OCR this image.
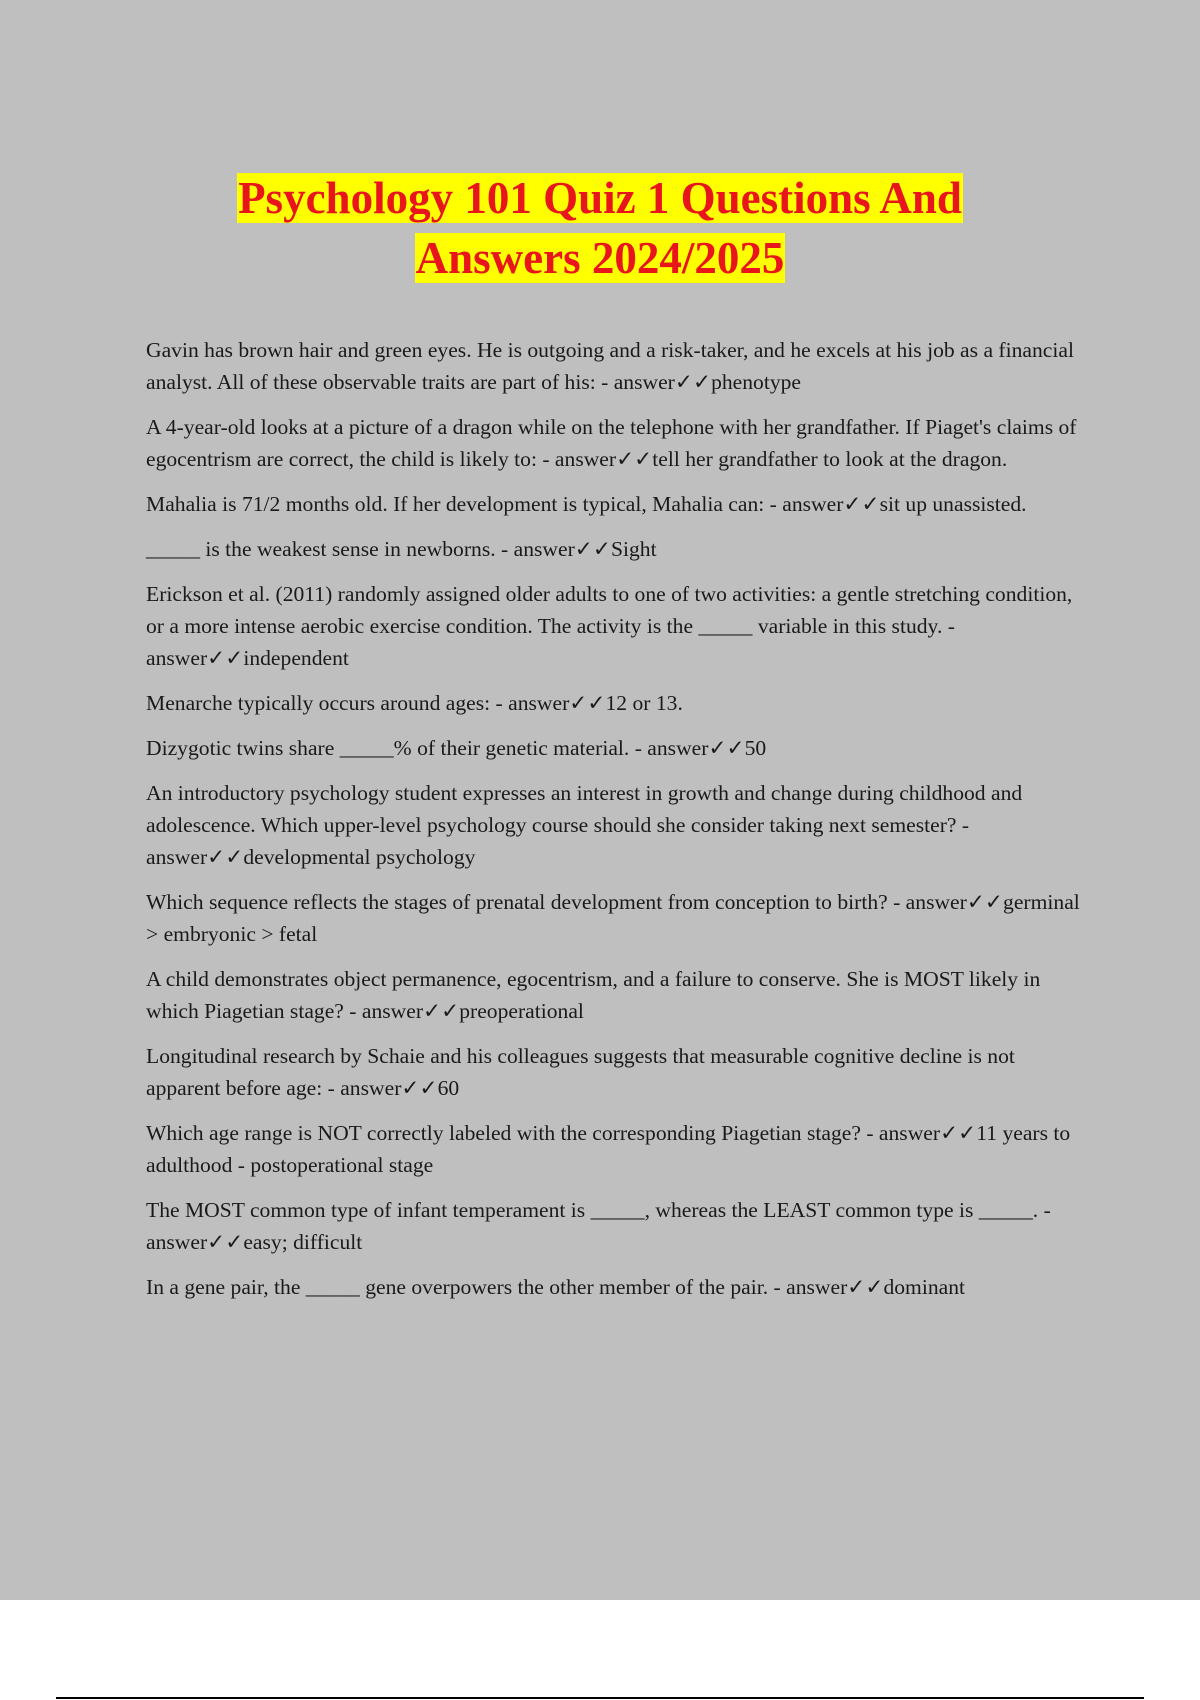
Psychology 101 Quiz 1 Questions And
Answers 2024/2025
Gavin has brown hair and green eyes. He is outgoing and a risk-taker, and he excels at his job as a financial analyst. All of these observable traits are part of his: - answer✓✓phenotype
A 4-year-old looks at a picture of a dragon while on the telephone with her grandfather. If Piaget's claims of egocentrism are correct, the child is likely to: - answer✓✓tell her grandfather to look at the dragon.
Mahalia is 71/2 months old. If her development is typical, Mahalia can: - answer✓✓sit up unassisted.
_____ is the weakest sense in newborns. - answer✓✓Sight
Erickson et al. (2011) randomly assigned older adults to one of two activities: a gentle stretching condition, or a more intense aerobic exercise condition. The activity is the _____ variable in this study. - answer✓✓independent
Menarche typically occurs around ages: - answer✓✓12 or 13.
Dizygotic twins share _____% of their genetic material. - answer✓✓50
An introductory psychology student expresses an interest in growth and change during childhood and adolescence. Which upper-level psychology course should she consider taking next semester? - answer✓✓developmental psychology
Which sequence reflects the stages of prenatal development from conception to birth? - answer✓✓germinal > embryonic > fetal
A child demonstrates object permanence, egocentrism, and a failure to conserve. She is MOST likely in which Piagetian stage? - answer✓✓preoperational
Longitudinal research by Schaie and his colleagues suggests that measurable cognitive decline is not apparent before age: - answer✓✓60
Which age range is NOT correctly labeled with the corresponding Piagetian stage? - answer✓✓11 years to adulthood - postoperational stage
The MOST common type of infant temperament is _____, whereas the LEAST common type is _____. - answer✓✓easy; difficult
In a gene pair, the _____ gene overpowers the other member of the pair. - answer✓✓dominant
